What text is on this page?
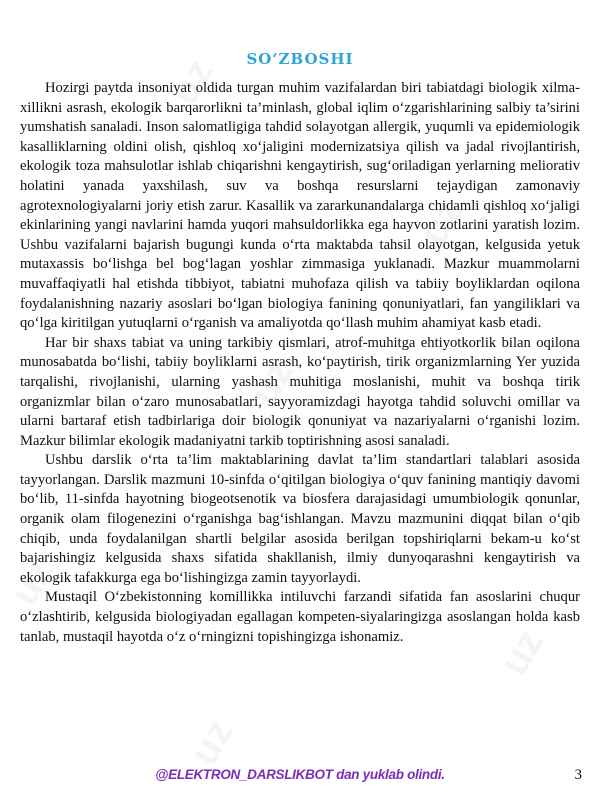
uz
uz
uz
uz
uz
uz
SO‘ZBOSHI

Hozirgi paytda insoniyat oldida turgan muhim vazifalardan biri tabiatdagi biologik xilma-xillikni asrash, ekologik barqarorlikni ta’minlash, global iqlim o‘zgarishlarining salbiy ta’sirini yumshatish sanaladi. Inson salomatligiga tahdid solayotgan allergik, yuqumli va epidemiologik kasalliklarning oldini olish, qishloq xo‘jaligini modernizatsiya qilish va jadal rivojlantirish, ekologik toza mahsulotlar ishlab chiqarishni kengaytirish, sug‘oriladigan yerlarning meliorativ holatini yanada yaxshilash, suv va boshqa resurslarni tejaydigan zamonaviy agrotexnologiyalarni joriy etish zarur. Kasallik va zararkunandalarga chidamli qishloq xo‘jaligi ekinlarining yangi navlarini hamda yuqori mahsuldorlikka ega hayvon zotlarini yaratish lozim. Ushbu vazifalarni bajarish bugungi kunda o‘rta maktabda tahsil olayotgan, kelgusida yetuk mutaxassis bo‘lishga bel bog‘lagan yoshlar zimmasiga yuklanadi. Mazkur muammolarni muvaffaqiyatli hal etishda tibbiyot, tabiatni muhofaza qilish va tabiiy boyliklardan oqilona foydalanishning nazariy asoslari bo‘lgan biologiya fanining qonuniyatlari, fan yangiliklari va qo‘lga kiritilgan yutuqlarni o‘rganish va amaliyotda qo‘llash muhim ahamiyat kasb etadi.

Har bir shaxs tabiat va uning tarkibiy qismlari, atrof-muhitga ehtiyotkorlik bilan oqilona munosabatda bo‘lishi, tabiiy boyliklarni asrash, ko‘paytirish, tirik organizmlarning Yer yuzida tarqalishi, rivojlanishi, ularning yashash muhitiga moslanishi, muhit va boshqa tirik organizmlar bilan o‘zaro munosabatlari, sayyoramizdagi hayotga tahdid soluvchi omillar va ularni bartaraf etish tadbirlariga doir biologik qonuniyat va nazariyalarni o‘rganishi lozim. Mazkur bilimlar ekologik madaniyatni tarkib toptirishning asosi sanaladi.

Ushbu darslik o‘rta ta’lim maktablarining davlat ta’lim standartlari talablari asosida tayyorlangan. Darslik mazmuni 10-sinfda o‘qitilgan biologiya o‘quv fanining mantiqiy davomi bo‘lib, 11-sinfda hayotning biogeotsenotik va biosfera darajasidagi umumbiologik qonunlar, organik olam filogenezini o‘rganishga bag‘ishlangan. Mavzu mazmunini diqqat bilan o‘qib chiqib, unda foydalanilgan shartli belgilar asosida berilgan topshiriqlarni bekam-u ko‘st bajarishingiz kelgusida shaxs sifatida shakllanish, ilmiy dunyoqarashni kengaytirish va ekologik tafakkurga ega bo‘lishingizga zamin tayyorlaydi.

Mustaqil O‘zbekistonning komillikka intiluvchi farzandi sifatida fan asoslarini chuqur o‘zlashtirib, kelgusida biologiyadan egallagan kompeten-siyalaringizga asoslangan holda kasb tanlab, mustaqil hayotda o‘z o‘rningizni topishingizga ishonamiz.

@ELEKTRON_DARSLIKBOT dan yuklab olindi.	3
